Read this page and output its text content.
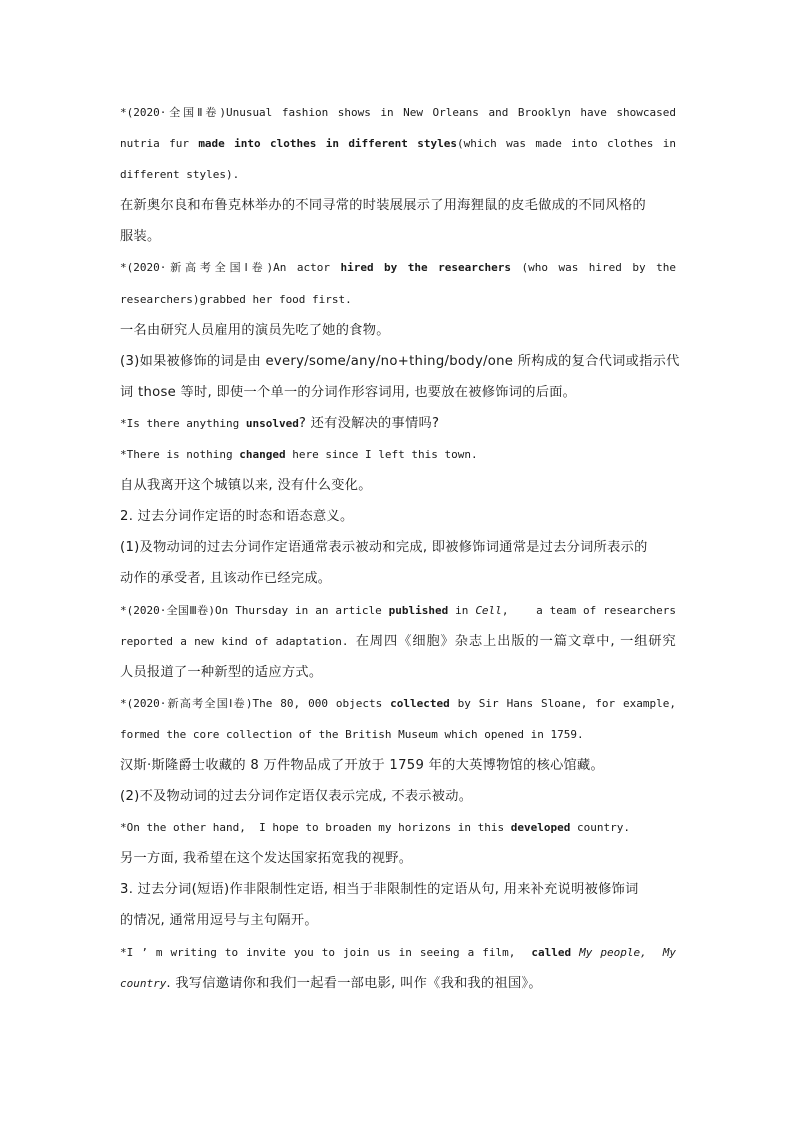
*(2020·全国Ⅱ卷)Unusual fashion shows in New Orleans and Brooklyn have showcased
nutria fur made into clothes in different styles(which was made into clothes in
different styles).
在新奥尔良和布鲁克林举办的不同寻常的时装展展示了用海狸鼠的皮毛做成的不同风格的
服装。
*(2020·新高考全国Ⅰ卷)An actor hired by the researchers (who was hired by the
researchers)grabbed her food first.
一名由研究人员雇用的演员先吃了她的食物。
(3)如果被修饰的词是由 every/some/any/no+thing/body/one 所构成的复合代词或指示代
词 those 等时, 即使一个单一的分词作形容词用, 也要放在被修饰词的后面。
*Is there anything unsolved? 还有没解决的事情吗?
*There is nothing changed here since I left this town.
自从我离开这个城镇以来, 没有什么变化。
2. 过去分词作定语的时态和语态意义。
(1)及物动词的过去分词作定语通常表示被动和完成, 即被修饰词通常是过去分词所表示的
动作的承受者, 且该动作已经完成。
*(2020·全国Ⅲ卷)On Thursday in an article published in Cell,    a team of researchers
reported a new kind of adaptation. 在周四《细胞》杂志上出版的一篇文章中, 一组研究
人员报道了一种新型的适应方式。
*(2020·新高考全国Ⅰ卷)The 80, 000 objects collected by Sir Hans Sloane, for example,
formed the core collection of the British Museum which opened in 1759.
汉斯·斯隆爵士收藏的 8 万件物品成了开放于 1759 年的大英博物馆的核心馆藏。
(2)不及物动词的过去分词作定语仅表示完成, 不表示被动。
*On the other hand,  I hope to broaden my horizons in this developed country.
另一方面, 我希望在这个发达国家拓宽我的视野。
3. 过去分词(短语)作非限制性定语, 相当于非限制性的定语从句, 用来补充说明被修饰词
的情况, 通常用逗号与主句隔开。
*I ’ m writing to invite you to join us in seeing a film,  called My people,  My
country. 我写信邀请你和我们一起看一部电影, 叫作《我和我的祖国》。
